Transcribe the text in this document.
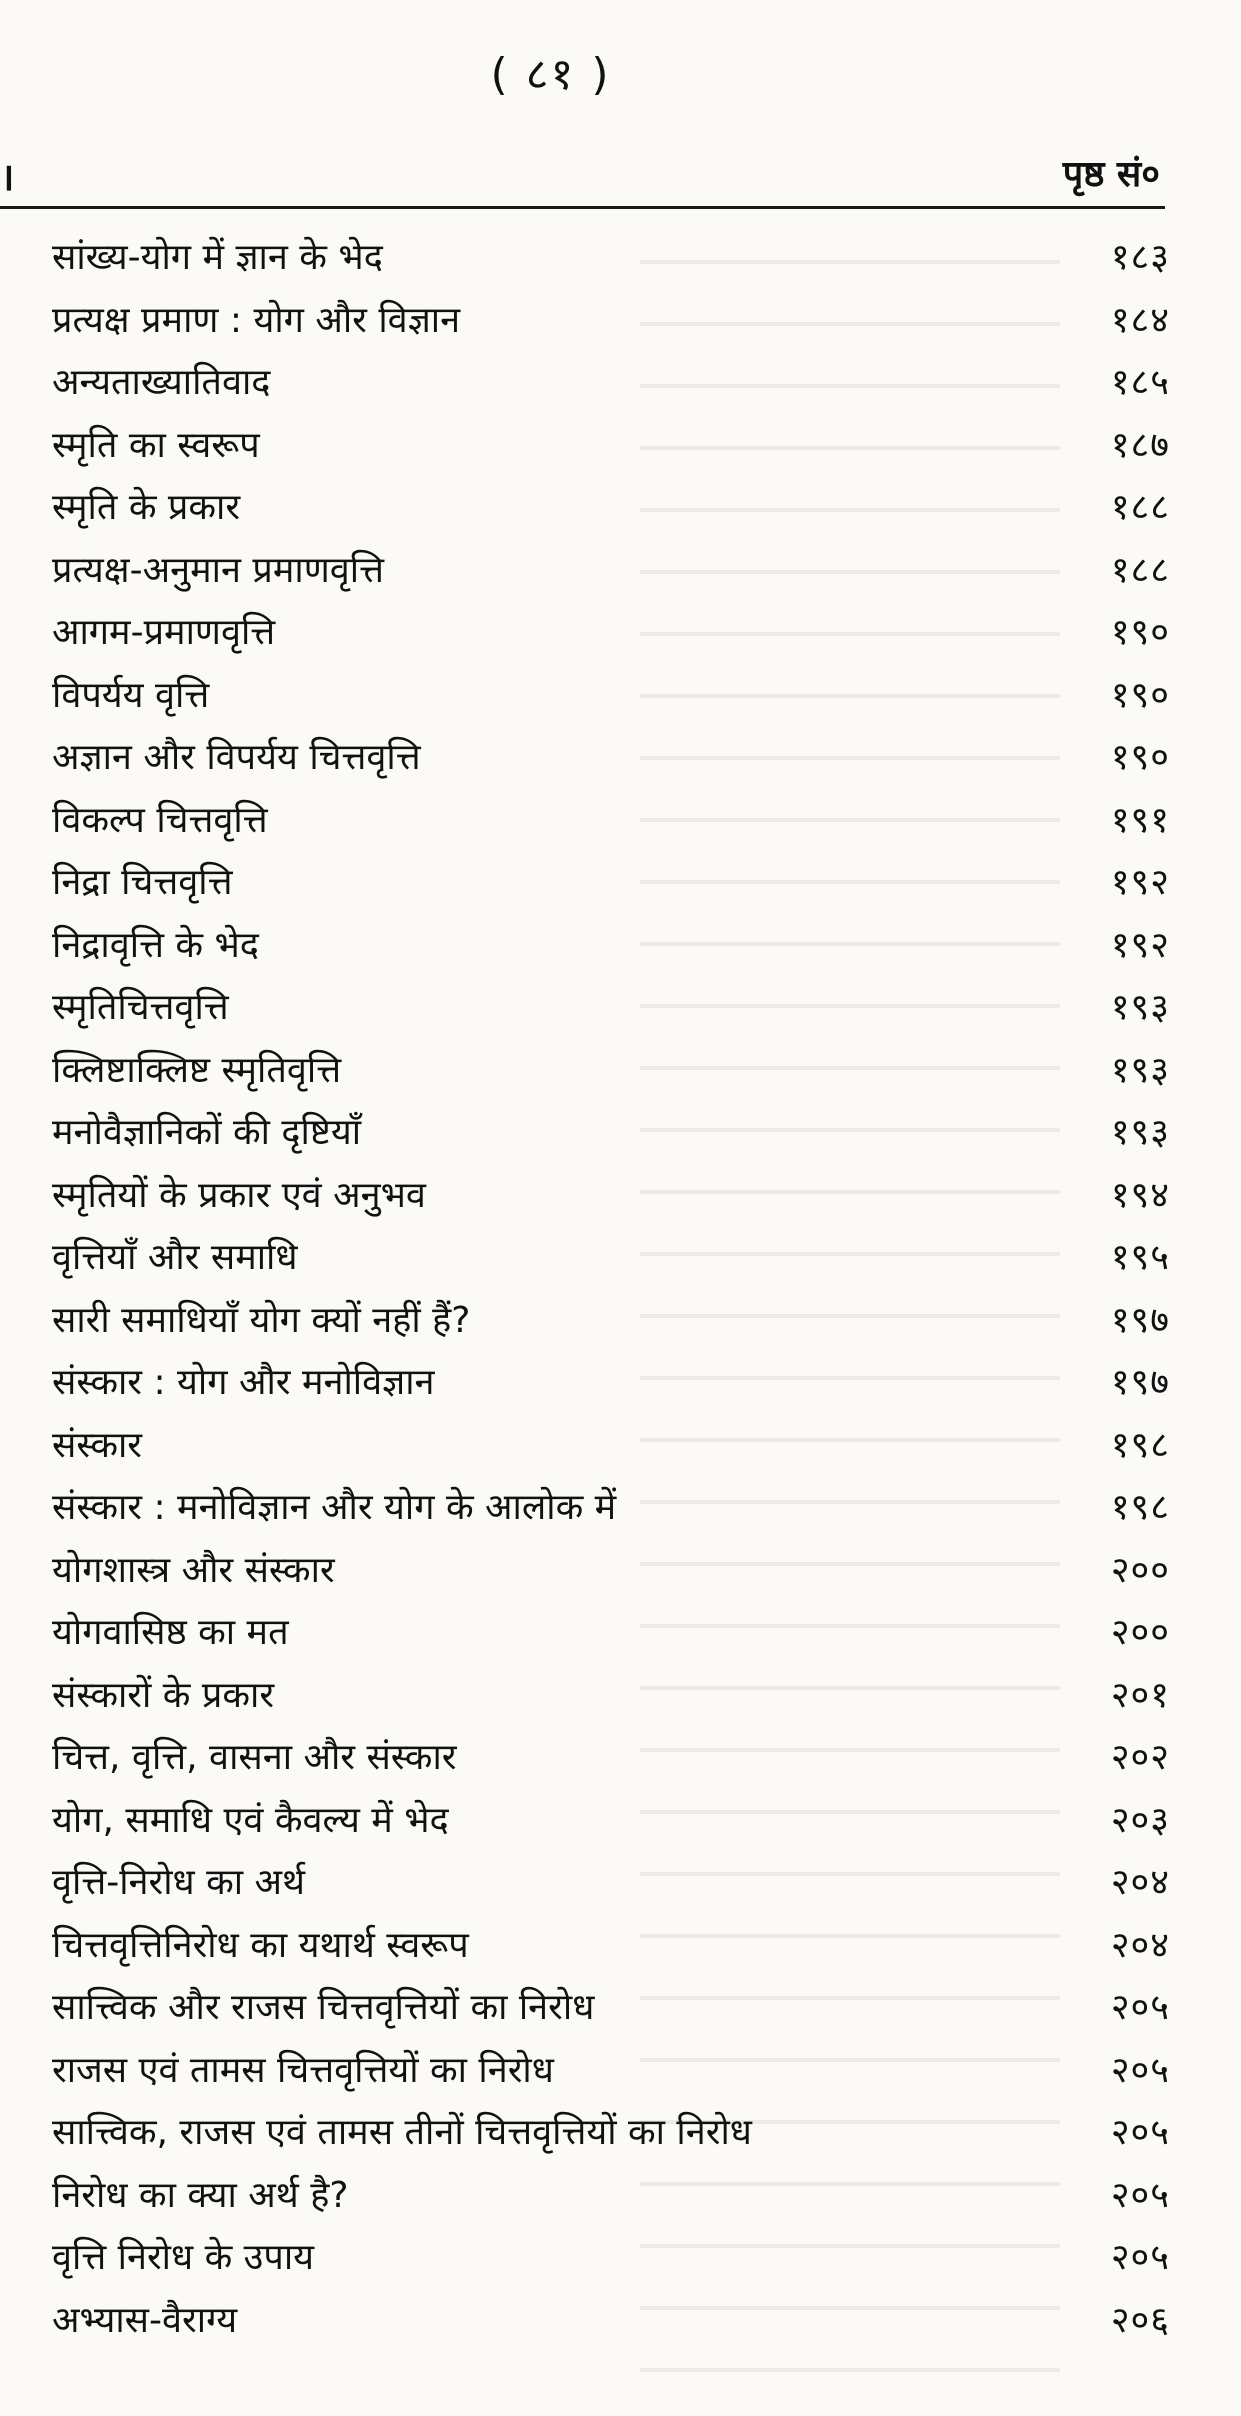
( ८१ )
।	पृष्ठ सं०
सांख्य-योग में ज्ञान के भेद	१८३
प्रत्यक्ष प्रमाण : योग और विज्ञान	१८४
अन्यताख्यातिवाद	१८५
स्मृति का स्वरूप	१८७
स्मृति के प्रकार	१८८
प्रत्यक्ष-अनुमान प्रमाणवृत्ति	१८८
आगम-प्रमाणवृत्ति	१९०
विपर्यय वृत्ति	१९०
अज्ञान और विपर्यय चित्तवृत्ति	१९०
विकल्प चित्तवृत्ति	१९१
निद्रा चित्तवृत्ति	१९२
निद्रावृत्ति के भेद	१९२
स्मृतिचित्तवृत्ति	१९३
क्लिष्टाक्लिष्ट स्मृतिवृत्ति	१९३
मनोवैज्ञानिकों की दृष्टियाँ	१९३
स्मृतियों के प्रकार एवं अनुभव	१९४
वृत्तियाँ और समाधि	१९५
सारी समाधियाँ योग क्यों नहीं हैं?	१९७
संस्कार : योग और मनोविज्ञान	१९७
संस्कार	१९८
संस्कार : मनोविज्ञान और योग के आलोक में	१९८
योगशास्त्र और संस्कार	२००
योगवासिष्ठ का मत	२००
संस्कारों के प्रकार	२०१
चित्त, वृत्ति, वासना और संस्कार	२०२
योग, समाधि एवं कैवल्य में भेद	२०३
वृत्ति-निरोध का अर्थ	२०४
चित्तवृत्तिनिरोध का यथार्थ स्वरूप	२०४
सात्त्विक और राजस चित्तवृत्तियों का निरोध	२०५
राजस एवं तामस चित्तवृत्तियों का निरोध	२०५
सात्त्विक, राजस एवं तामस तीनों चित्तवृत्तियों का निरोध	२०५
निरोध का क्या अर्थ है?	२०५
वृत्ति निरोध के उपाय	२०५
अभ्यास-वैराग्य	२०६
